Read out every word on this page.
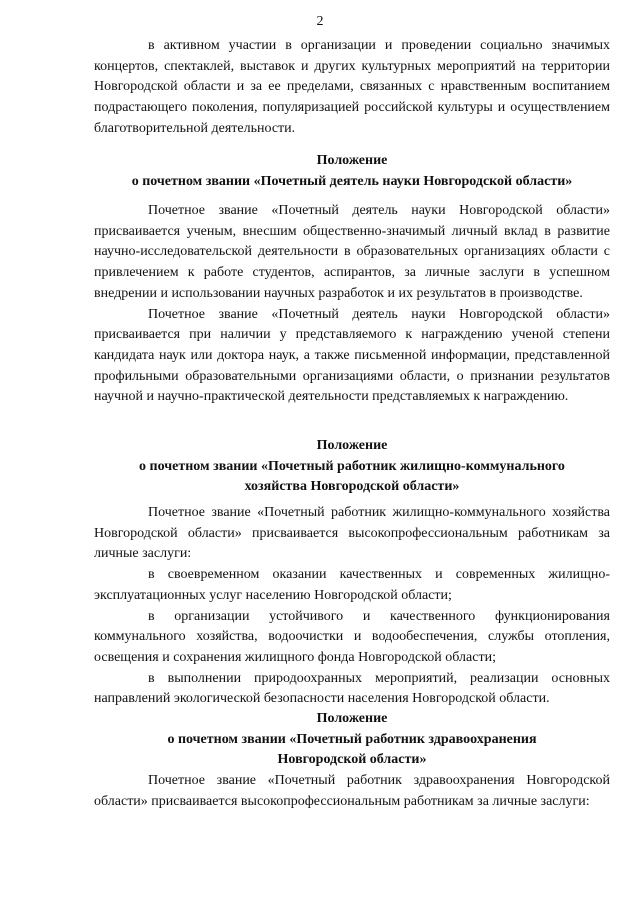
2

в активном участии в организации и проведении социально значимых концертов, спектаклей, выставок и других культурных мероприятий на территории Новгородской области и за ее пределами, связанных с нравственным воспитанием подрастающего поколения, популяризацией российской культуры и осуществлением благотворительной деятельности.

Положение
о почетном звании «Почетный деятель науки Новгородской области»

Почетное звание «Почетный деятель науки Новгородской области» присваивается ученым, внесшим общественно-значимый личный вклад в развитие научно-исследовательской деятельности в образовательных организациях области с привлечением к работе студентов, аспирантов, за личные заслуги в успешном внедрении и использовании научных разработок и их результатов в производстве.

Почетное звание «Почетный деятель науки Новгородской области» присваивается при наличии у представляемого к награждению ученой степени кандидата наук или доктора наук, а также письменной информации, представленной профильными образовательными организациями области, о признании результатов научной и научно-практической деятельности представляемых к награждению.

Положение
о почетном звании «Почетный работник жилищно-коммунального
хозяйства Новгородской области»

Почетное звание «Почетный работник жилищно-коммунального хозяйства Новгородской области» присваивается высокопрофессиональным работникам за личные заслуги:

в своевременном оказании качественных и современных жилищно-эксплуатационных услуг населению Новгородской области;

в организации устойчивого и качественного функционирования коммунального хозяйства, водоочистки и водообеспечения, службы отопления, освещения и сохранения жилищного фонда Новгородской области;

в выполнении природоохранных мероприятий, реализации основных направлений экологической безопасности населения Новгородской области.

Положение
о почетном звании «Почетный работник здравоохранения
Новгородской области»

Почетное звание «Почетный работник здравоохранения Новгородской области» присваивается высокопрофессиональным работникам за личные заслуги:
